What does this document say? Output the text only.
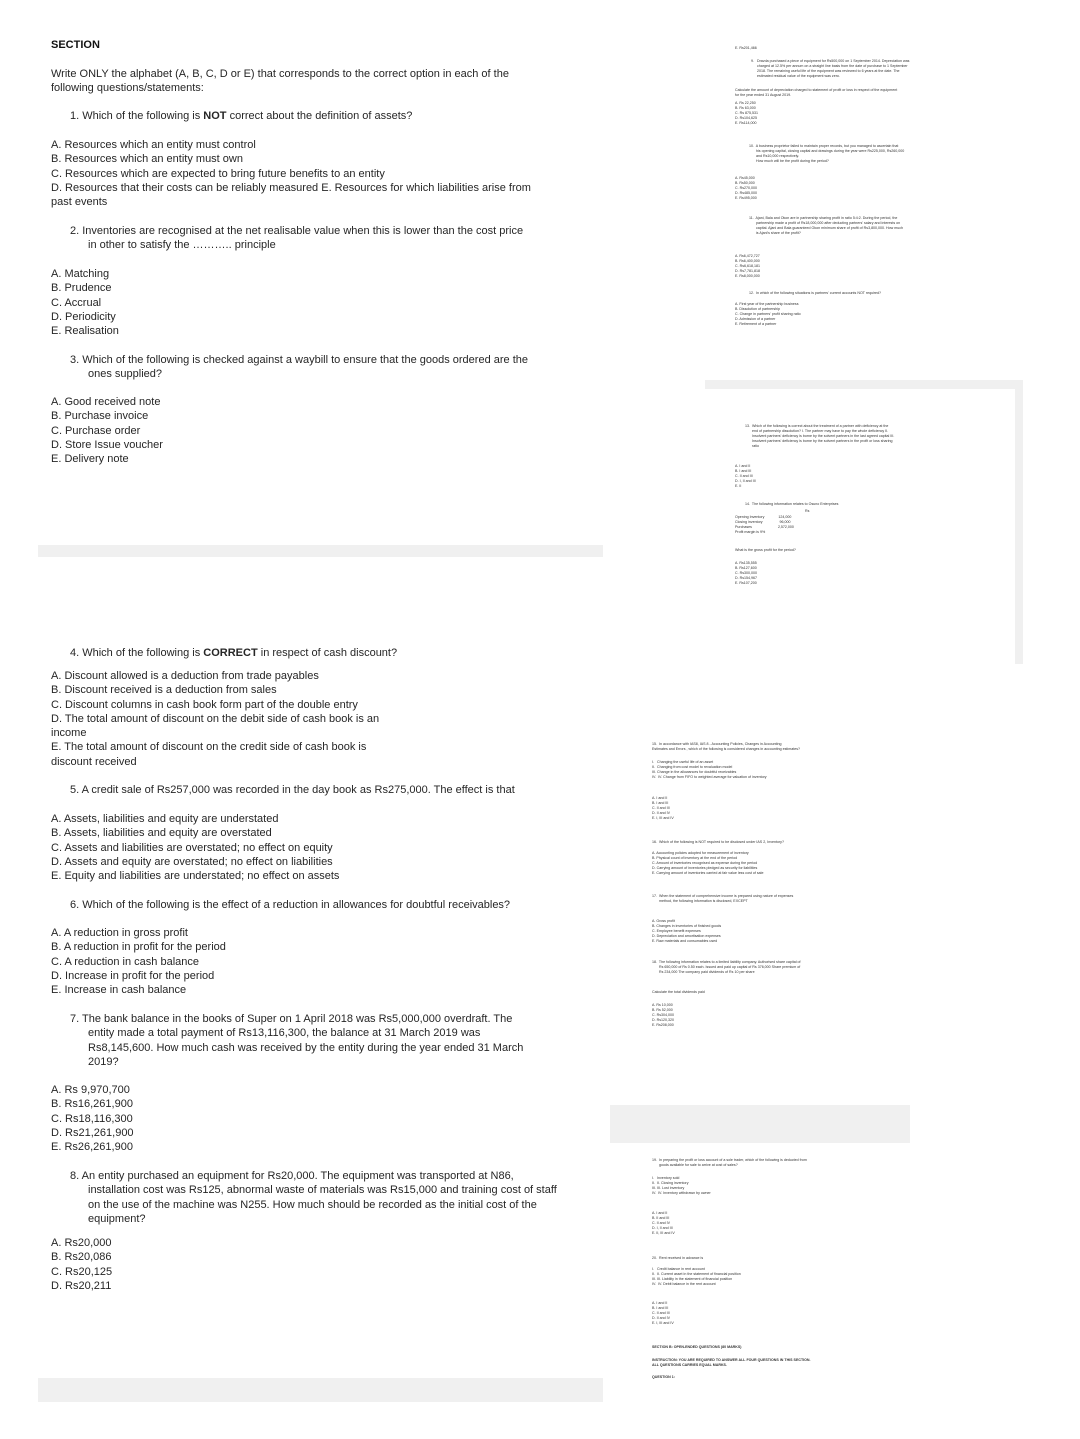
SECTION
Write ONLY the alphabet (A, B, C, D or E) that corresponds to the correct option in each of the
following questions/statements:
1. Which of the following is NOT correct about the definition of assets?
A. Resources which an entity must control
B. Resources which an entity must own
C. Resources which are expected to bring future benefits to an entity
D. Resources that their costs can be reliably measured E. Resources for which liabilities arise from
past events
2. Inventories are recognised at the net realisable value when this is lower than the cost price
in other to satisfy the ……….. principle
A. Matching
B. Prudence
C. Accrual
D. Periodicity
E. Realisation
3. Which of the following is checked against a waybill to ensure that the goods ordered are the
ones supplied?
A. Good received note
B. Purchase invoice
C. Purchase order
D. Store Issue voucher
E. Delivery note
4. Which of the following is CORRECT in respect of cash discount?
A. Discount allowed is a deduction from trade payables
B. Discount received is a deduction from sales
C. Discount columns in cash book form part of the double entry
D. The total amount of discount on the debit side of cash book is an
income
E. The total amount of discount on the credit side of cash book is
discount received
5. A credit sale of Rs257,000 was recorded in the day book as Rs275,000. The effect is that
A. Assets, liabilities and equity are understated
B. Assets, liabilities and equity are overstated
C. Assets and liabilities are overstated; no effect on equity
D. Assets and equity are overstated; no effect on liabilities
E. Equity and liabilities are understated; no effect on assets
6. Which of the following is the effect of a reduction in allowances for doubtful receivables?
A. A reduction in gross profit
B. A reduction in profit for the period
C. A reduction in cash balance
D. Increase in profit for the period
E. Increase in cash balance
7. The bank balance in the books of Super on 1 April 2018 was Rs5,000,000 overdraft. The
entity made a total payment of Rs13,116,300, the balance at 31 March 2019 was
Rs8,145,600. How much cash was received by the entity during the year ended 31 March
2019?
A. Rs 9,970,700
B. Rs16,261,900
C. Rs18,116,300
D. Rs21,261,900
E. Rs26,261,900
8. An entity purchased an equipment for Rs20,000. The equipment was transported at N86,
installation cost was Rs125, abnormal waste of materials was Rs15,000 and training cost of staff
on the use of the machine was N255. How much should be recorded as the initial cost of the
equipment?
A. Rs20,000
B. Rs20,086
C. Rs20,125
D. Rs20,211
E. Rs201,466
9.   Dravda purchased a piece of equipment for Rs500,000 on 1 September 2014. Depreciation was
charged at 12.5% per annum on a straight line basis from the date of purchase to 1 September
2018. The remaining useful life of the equipment was reviewed to 6 years at the date. The
estimated residual value of the equipment was zero.
Calculate the amount of depreciation charged to statement of profit or loss in respect of the equipment
for the year ended 31 August 2019.
A. Rs 22,250
B. Rs 63,000
C. Rs 875,531
D. Rs104,625
E. Rs114,000
10.  A business proprietor failed to maintain proper records, but you managed to ascertain that
his opening capital, closing capital and drawings during the year were Rs225,000, Rs260,000
and Rs10,000 respectively.
How much will be the profit during the period?
A. Rs45,000
B. Rs50,000
C. Rs270,000
D. Rs485,000
E. Rs495,000
11.  Ajani, Bala and Okon are in partnership sharing profit in ratio 5:4:2. During the period, the
partnership made a profit of Rs18,000,000 after deducting partners' salary and interests on
capital. Ajani and Bala guaranteed Okon minimum share of profit of Rs3,800,000. How much
is Ajani's share of the profit?
A. Rs6,472,727
B. Rs6,400,000
C. Rs6,618,181
D. Rs7,781,818
E. Rs8,000,000
12.  In which of the following situations is partners' current accounts NOT required?
A. First year of the partnership business
B. Dissolution of partnership
C. Change in partners' profit sharing ratio
D. Admission of a partner
E. Retirement of a partner
13.  Which of the following is correct about the treatment of a partner with deficiency at the
end of partnership dissolution? I. The partner may have to pay the whole deficiency II.
Insolvent partners' deficiency is borne by the solvent partners in the last agreed capital III.
Insolvent partners' deficiency is borne by the solvent partners in the profit or loss sharing
ratio
A. I and II
B. I and III
C. II and III
D. I, II and III
E. II
14.  The following information relates to Osuno Enterprises
Rs
Opening Inventory              124,000
Closing inventory                 96,000
Purchases                          2,572,000
Profit margin is 9%
What is the gross profit for the period?
A. Rs135,555
B. Rs127,600
C. Rs300,000
D. Rs154,967
E. Rs107,200
15.  In accordance with IAS8, IAS 8 - Accounting Policies, Changes in Accounting
Estimates and Errors , which of the following is considered changes in accounting estimates?
I.   Changing the useful life of an asset
II.  Changing from cost model to revaluation model
III. Change in the allowances for doubtful receivables
IV.  IV. Change from FIFO to weighted average for valuation of inventory
A. I and II
B. I and III
C. II and III
D. II and IV
E. I, III and IV
16.  Which of the following is NOT required to be disclosed under IAS 2, Inventory?
A. Accounting policies adopted for measurement of inventory
B. Physical count of inventory at the end of the period
C. Amount of inventories recognised as expense during the period
D. Carrying amount of inventories pledged as security for liabilities
E. Carrying amount of inventories carried at fair value less cost of sale
17.  When the statement of comprehensive income is prepared using nature of expenses
method, the following information is disclosed, EXCEPT
A. Gross profit
B. Changes in inventories of finished goods
C. Employee benefit expenses
D. Depreciation and amortisation expenses
E. Raw materials and consumables used
18.  The following information relates to a limited liability company. Authorised share capital of
Rs 650,000 of Rs 0.50 each. Issued and paid up capital of Rs 376,000 Share premium of
Rs 234,000 The company paid dividends of Rs 10 per share
Calculate the total dividends paid
A. Rs 10,000
B. Rs 52,000
C. Rs304,000
D. Rs120,320
E. Rs208,000
19.  In preparing the profit or loss account of a sole trader, which of the following is deducted from
goods available for sale to arrive at cost of sales?
I.   Inventory sold
II.  II. Closing inventory
III. III. Lost inventory
IV.  IV. Inventory withdrawn by owner
A. I and II
B. II and III
C. II and IV
D. I, II and III
E. II, III and IV
20.  Rent received in advance is
I.   Credit balance in rent account
II.  II. Current asset in the statement of financial position
III. III. Liability in the statement of financial position
IV.  IV. Debit balance in the rent account
A. I and II
B. I and III
C. II and III
D. II and IV
E. I, III and IV
SECTION B: OPEN-ENDED QUESTIONS (80 MARKS)
INSTRUCTION: YOU ARE REQUIRED TO ANSWER ALL FOUR QUESTIONS IN THIS SECTION.
ALL QUESTIONS CARRIES EQUAL MARKS.
QUESTION 1:
